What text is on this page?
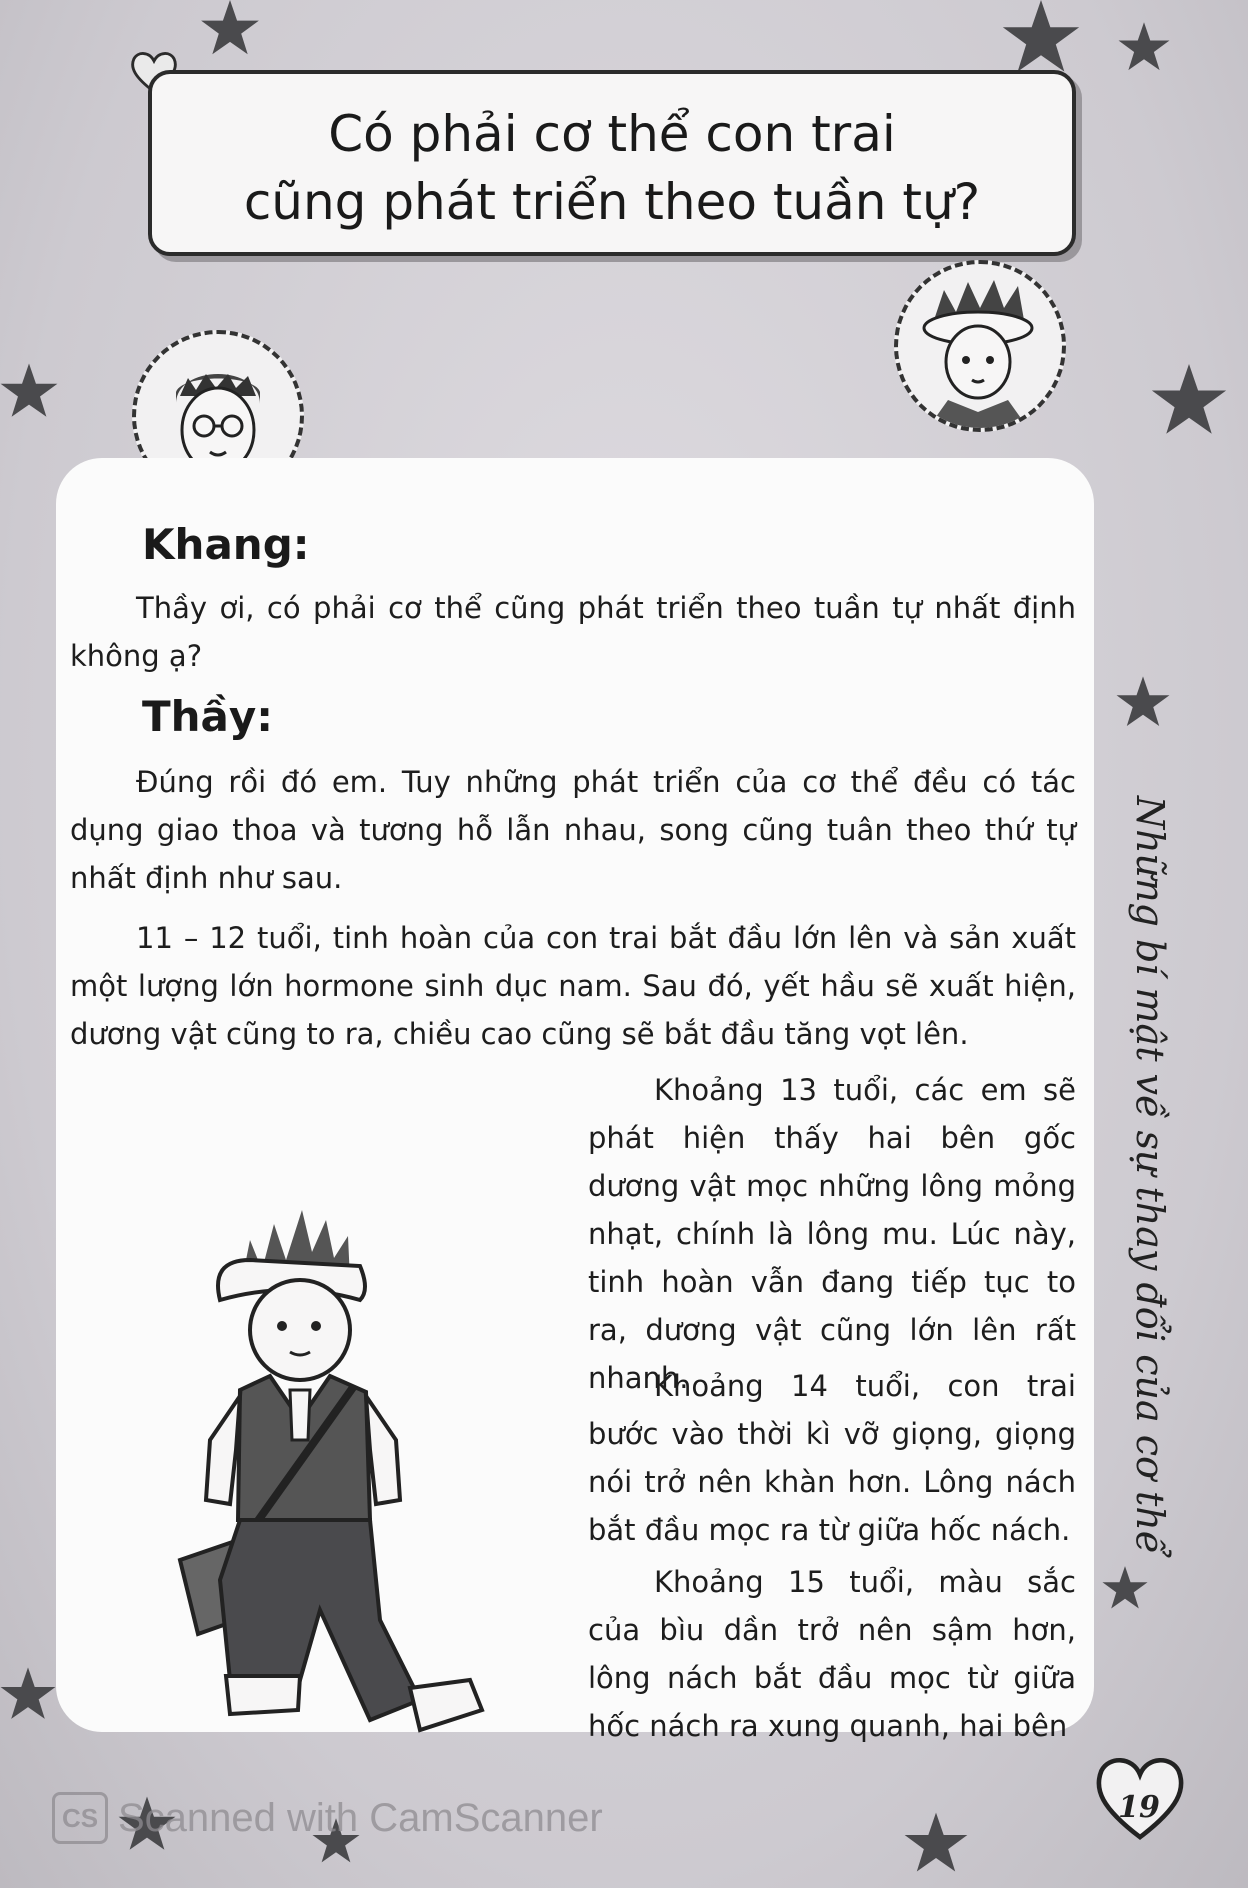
Có phải cơ thể con trai
cũng phát triển theo tuần tự?
Khang:
Thầy ơi, có phải cơ thể cũng phát triển theo tuần tự nhất định không ạ?
Thầy:
Đúng rồi đó em. Tuy những phát triển của cơ thể đều có tác dụng giao thoa và tương hỗ lẫn nhau, song cũng tuân theo thứ tự nhất định như sau.
11 – 12 tuổi, tinh hoàn của con trai bắt đầu lớn lên và sản xuất một lượng lớn hormone sinh dục nam. Sau đó, yết hầu sẽ xuất hiện, dương vật cũng to ra, chiều cao cũng sẽ bắt đầu tăng vọt lên.
Khoảng 13 tuổi, các em sẽ phát hiện thấy hai bên gốc dương vật mọc những lông mỏng nhạt, chính là lông mu. Lúc này, tinh hoàn vẫn đang tiếp tục to ra, dương vật cũng lớn lên rất nhanh.
Khoảng 14 tuổi, con trai bước vào thời kì vỡ giọng, giọng nói trở nên khàn hơn. Lông nách bắt đầu mọc ra từ giữa hốc nách.
Khoảng 15 tuổi, màu sắc của bìu dần trở nên sậm hơn, lông nách bắt đầu mọc từ giữa hốc nách ra xung quanh, hai bên
Những bí mật về sự thay đổi của cơ thể
19
CS Scanned with CamScanner
